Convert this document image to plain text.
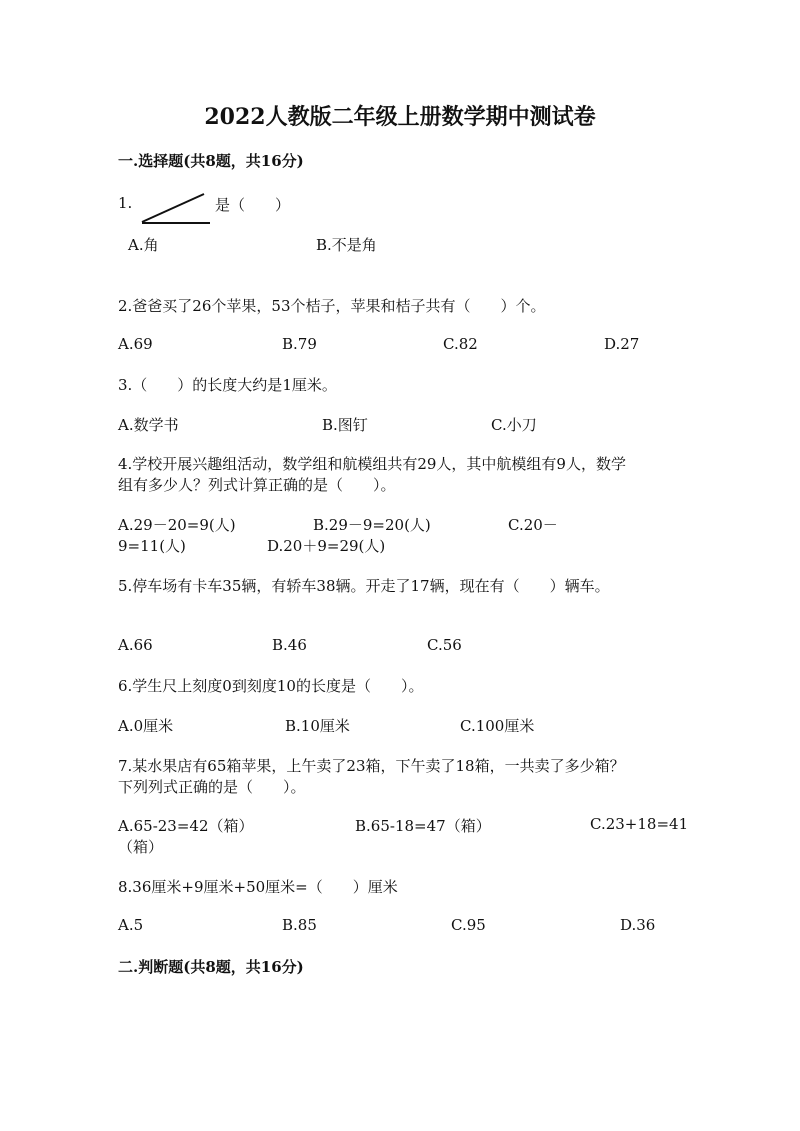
2022人教版二年级上册数学期中测试卷
一.选择题(共8题，共16分)
1.	是（　　）
A.角	B.不是角
2.爸爸买了26个苹果，53个桔子，苹果和桔子共有（　　）个。
A.69	B.79	C.82	D.27
3.（　　）的长度大约是1厘米。
A.数学书	B.图钉	C.小刀
4.学校开展兴趣组活动，数学组和航模组共有29人，其中航模组有9人，数学
组有多少人？列式计算正确的是（　　）。
A.29－20=9(人)	B.29－9=20(人)	C.20－
9=11(人)	D.20＋9=29(人)
5.停车场有卡车35辆，有轿车38辆。开走了17辆，现在有（　　）辆车。
A.66	B.46	C.56
6.学生尺上刻度0到刻度10的长度是（　　）。
A.0厘米	B.10厘米	C.100厘米
7.某水果店有65箱苹果，上午卖了23箱，下午卖了18箱，一共卖了多少箱？
下列列式正确的是（　　）。
A.65-23=42（箱）	B.65-18=47（箱）	C.23+18=41
（箱）
8.36厘米+9厘米+50厘米=（　　）厘米
A.5	B.85	C.95	D.36
二.判断题(共8题，共16分)
